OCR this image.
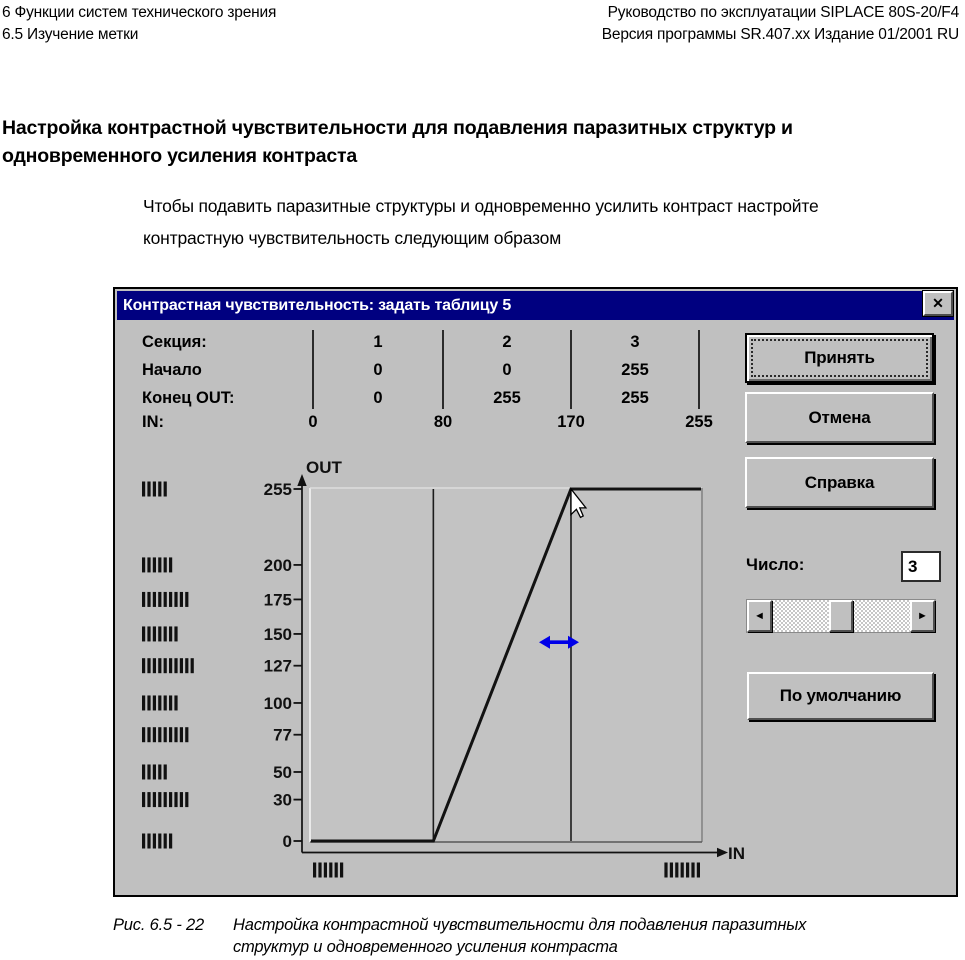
6 Функции систем технического зрения
6.5 Изучение метки
Руководство по эксплуатации SIPLACE 80S-20/F4
Версия программы SR.407.xx Издание 01/2001 RU
Настройка контрастной чувствительности для подавления паразитных структур и
одновременного усиления контраста
Чтобы подавить паразитные структуры и одновременно усилить контраст настройте
контрастную чувствительность следующим образом
Контрастная чувствительность: задать таблицу 5	✕
Секция:
Начало
Конец OUT:
IN:
1	2	3
0	0	255
0	255	255
0	80	170	255
OUT
IN
255
200
175
150
127
100
77
50
30
0
Принять
Отмена
Справка
Число:
3
◄	►
По умолчанию
Рис. 6.5 - 22 Настройка контрастной чувствительности для подавления паразитных
структур и одновременного усиления контраста
